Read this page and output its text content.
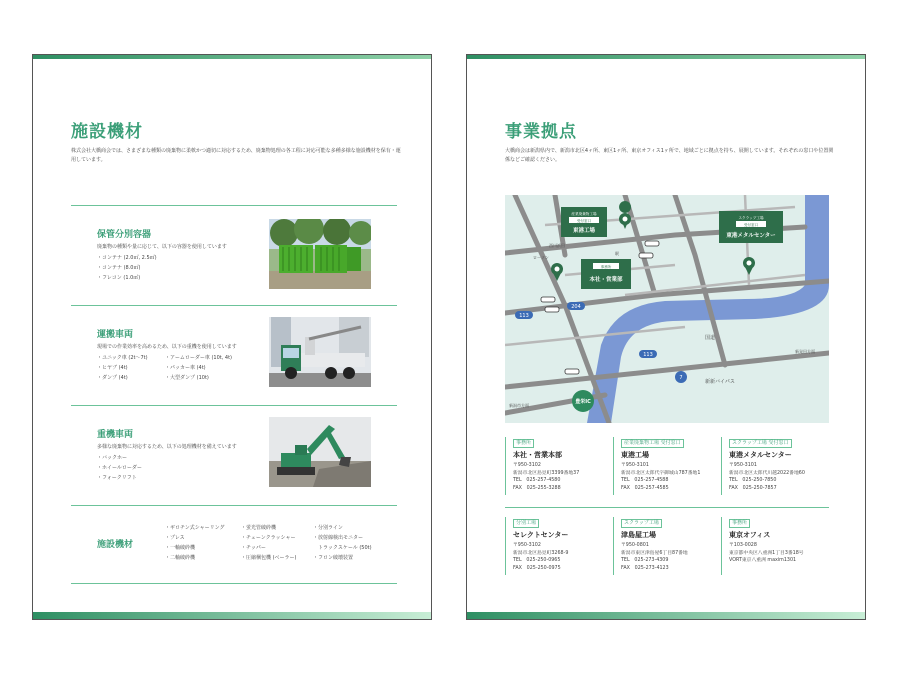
施設機材
株式会社大橋商会では、さまざまな種類の廃棄物に柔軟かつ適切に対応するため、廃棄物処理の各工程に対応可能な多種多様な施設機材を保有・運用しています。
保管分別容器
廃棄物の種類や量に応じて、以下の容器を使用しています
・コンテナ (2.0㎥, 2.5㎥)
・コンテナ (8.0㎥)
・フレコン (1.0㎥)
運搬車両
現場での作業効率を高めるため、以下の重機を使用しています
・ユニック車 (2t〜7t)
・ヒヤブ (4t)
・ダンプ (4t)
・アームローダー車 (10t, 4t)
・パッカー車 (4t)
・大型ダンプ (10t)
重機車両
多様な廃棄物に対応するため、以下の処理機材を備えています
・バックホー
・ホイールローダー
・フォークリフト
施設機材
・ギロチン式シャーリング
・プレス
・一軸破砕機
・二軸破砕機
・蛍光管破砕機
・チェーンクラッシャー
・チッパー
・圧縮梱包機 (ベーラー)
・分別ライン
・放射線検出モニター
　トラックスケール (50t)
・フロン破壊装置
事業拠点
大橋商会は新潟県内で、新潟市北区4ヶ所、東区1ヶ所、東京オフィス1ヶ所で、地域ごとに拠点を持ち、展開しています。それぞれの窓口や位置関係などご確認ください。
204
113
113
7
国道
新新バイパス
新発田方面
新潟市方面
西川浜田
ローソン
駅
豊栄IC
産業廃棄物工場
受付窓口
東港工場
スクラップ工場
受付窓口
東港メタルセンター
事務所
本社・営業部
事務所
本社・営業本部
〒950-3102
新潟市北区島見町3399番地37
TEL　025-257-4580
FAX　025-255-3288
産業廃棄物工場 受付窓口
東港工場
〒950-3101
新潟市北区太郎代字御城山787番地1
TEL　025-257-4588
FAX　025-257-4585
スクラップ工場 受付窓口
東港メタルセンター
〒950-3101
新潟市北区太郎代川越2022番地60
TEL　025-250-7850
FAX　025-250-7857
分別工場
セレクトセンター
〒950-3102
新潟市北区島見町3268-9
TEL　025-250-0965
FAX　025-250-0975
スクラップ工場
津島屋工場
〒950-0801
新潟市東区津島屋6丁目87番地
TEL　025-273-4309
FAX　025-273-4123
事務所
東京オフィス
〒103-0028
東京都中央区八重洲1丁目3番18号
VORT東京八重洲 maxim1301
